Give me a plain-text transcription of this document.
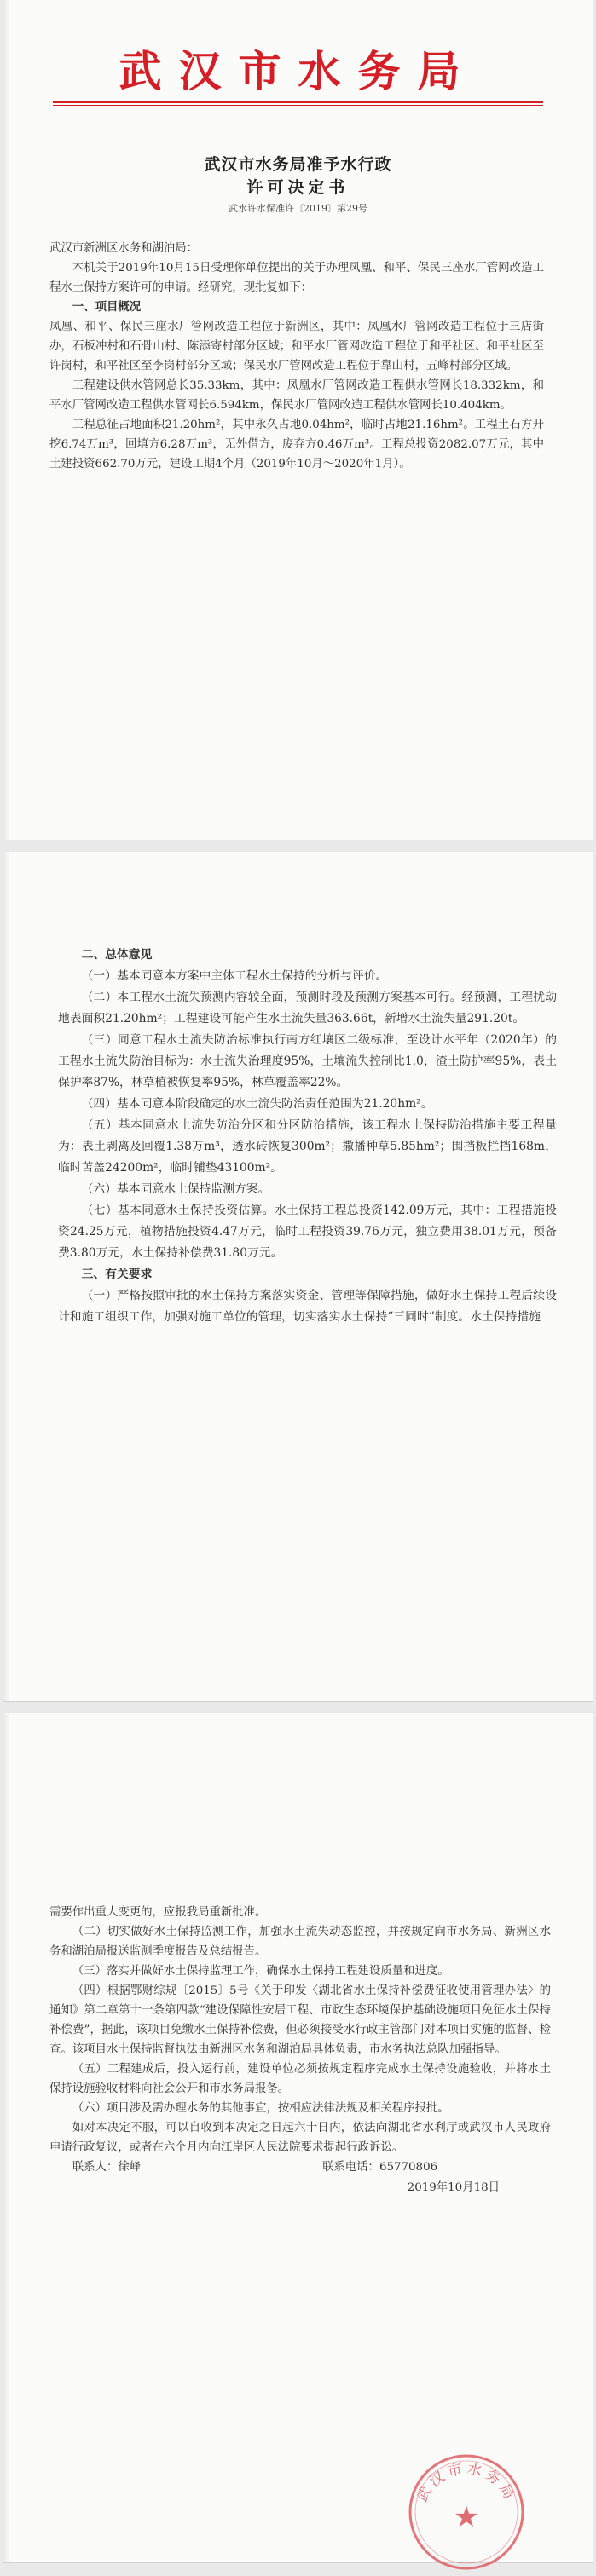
武汉市水务局
武汉市水务局准予水行政
许可决定书
武水许水保准许〔2019〕第29号

武汉市新洲区水务和湖泊局：

本机关于2019年10月15日受理你单位提出的关于办理凤凰、和平、保民三座水厂管网改造工程水土保持方案许可的申请。经研究，现批复如下：

一、项目概况

凤凰、和平、保民三座水厂管网改造工程位于新洲区，其中：凤凰水厂管网改造工程位于三店街办，石板冲村和石骨山村、陈添寄村部分区域；和平水厂管网改造工程位于和平社区、和平社区至许岗村，和平社区至李岗村部分区域；保民水厂管网改造工程位于靠山村，五峰村部分区域。

工程建设供水管网总长35.33km，其中：凤凰水厂管网改造工程供水管网长18.332km，和平水厂管网改造工程供水管网长6.594km，保民水厂管网改造工程供水管网长10.404km。

工程总征占地面积21.20hm²，其中永久占地0.04hm²，临时占地21.16hm²。工程土石方开挖6.74万m³，回填方6.28万m³，无外借方，废弃方0.46万m³。工程总投资2082.07万元，其中土建投资662.70万元，建设工期4个月（2019年10月～2020年1月）。

二、总体意见

（一）基本同意本方案中主体工程水土保持的分析与评价。

（二）本工程水土流失预测内容较全面，预测时段及预测方案基本可行。经预测，工程扰动地表面积21.20hm²；工程建设可能产生水土流失量363.66t，新增水土流失量291.20t。

（三）同意工程水土流失防治标准执行南方红壤区二级标准，至设计水平年（2020年）的工程水土流失防治目标为：水土流失治理度95%，土壤流失控制比1.0，渣土防护率95%，表土保护率87%，林草植被恢复率95%，林草覆盖率22%。

（四）基本同意本阶段确定的水土流失防治责任范围为21.20hm²。

（五）基本同意水土流失防治分区和分区防治措施，该工程水土保持防治措施主要工程量为：表土剥离及回覆1.38万m³，透水砖恢复300m²；撒播种草5.85hm²；围挡板拦挡168m，临时苫盖24200m²，临时铺垫43100m²。

（六）基本同意水土保持监测方案。

（七）基本同意水土保持投资估算。水土保持工程总投资142.09万元，其中：工程措施投资24.25万元，植物措施投资4.47万元，临时工程投资39.76万元，独立费用38.01万元，预备费3.80万元，水土保持补偿费31.80万元。

三、有关要求

（一）严格按照审批的水土保持方案落实资金、管理等保障措施，做好水土保持工程后续设计和施工组织工作，加强对施工单位的管理，切实落实水土保持“三同时”制度。水土保持措施

需要作出重大变更的，应报我局重新批准。

（二）切实做好水土保持监测工作，加强水土流失动态监控，并按规定向市水务局、新洲区水务和湖泊局报送监测季度报告及总结报告。

（三）落实并做好水土保持监理工作，确保水土保持工程建设质量和进度。

（四）根据鄂财综规〔2015〕5号《关于印发〈湖北省水土保持补偿费征收使用管理办法〉的通知》第二章第十一条第四款“建设保障性安居工程、市政生态环境保护基础设施项目免征水土保持补偿费”，据此，该项目免缴水土保持补偿费，但必须接受水行政主管部门对本项目实施的监督、检查。该项目水土保持监督执法由新洲区水务和湖泊局具体负责，市水务执法总队加强指导。

（五）工程建成后，投入运行前，建设单位必须按规定程序完成水土保持设施验收，并将水土保持设施验收材料向社会公开和市水务局报备。

（六）项目涉及需办理水务的其他事宜，按相应法律法规及相关程序报批。

如对本决定不服，可以自收到本决定之日起六十日内，依法向湖北省水利厅或武汉市人民政府申请行政复议，或者在六个月内向江岸区人民法院要求提起行政诉讼。

联系人：徐峰	联系电话：65770806

2019年10月18日

武汉市水务局
★
